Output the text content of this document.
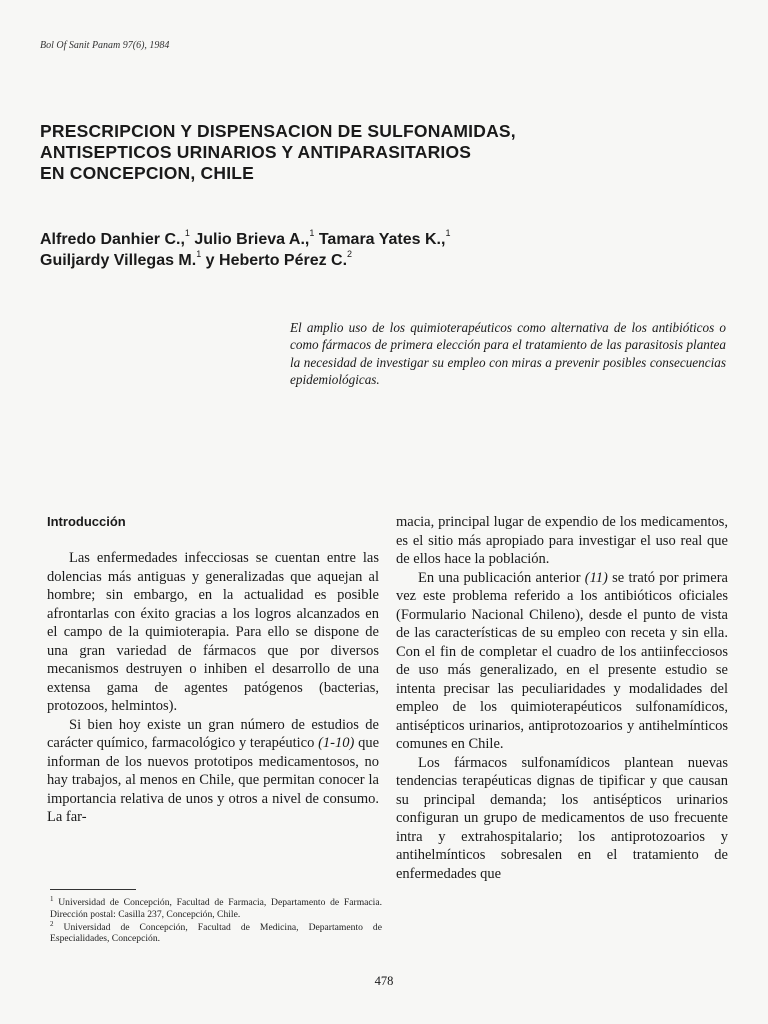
Bol Of Sanit Panam 97(6), 1984
PRESCRIPCION Y DISPENSACION DE SULFONAMIDAS,
ANTISEPTICOS URINARIOS Y ANTIPARASITARIOS
EN CONCEPCION, CHILE
Alfredo Danhier C.,$^1$ Julio Brieva A.,$^1$ Tamara Yates K.,$^1$
Guiljardy Villegas M.$^1$ y Heberto Pérez C.$^2$
El amplio uso de los quimioterapéuticos como alternativa de los antibióticos o como fármacos de primera elección para el tratamiento de las parasitosis plantea la necesidad de investigar su empleo con miras a prevenir posibles consecuencias epidemiológicas.
Introducción

Las enfermedades infecciosas se cuentan entre las dolencias más antiguas y generalizadas que aquejan al hombre; sin embargo, en la actualidad es posible afrontarlas con éxito gracias a los logros alcanzados en el campo de la quimioterapia. Para ello se dispone de una gran variedad de fármacos que por diversos mecanismos destruyen o inhiben el desarrollo de una extensa gama de agentes patógenos (bacterias, protozoos, helmintos).

Si bien hoy existe un gran número de estudios de carácter químico, farmacológico y terapéutico (1-10) que informan de los nuevos prototipos medicamentosos, no hay trabajos, al menos en Chile, que permitan conocer la importancia relativa de unos y otros a nivel de consumo. La far-

macia, principal lugar de expendio de los medicamentos, es el sitio más apropiado para investigar el uso real que de ellos hace la población.

En una publicación anterior (11) se trató por primera vez este problema referido a los antibióticos oficiales (Formulario Nacional Chileno), desde el punto de vista de las características de su empleo con receta y sin ella. Con el fin de completar el cuadro de los antiinfecciosos de uso más generalizado, en el presente estudio se intenta precisar las peculiaridades y modalidades del empleo de los quimioterapéuticos sulfonamídicos, antisépticos urinarios, antiprotozoarios y antihelmínticos comunes en Chile.

Los fármacos sulfonamídicos plantean nuevas tendencias terapéuticas dignas de tipificar y que causan su principal demanda; los antisépticos urinarios configuran un grupo de medicamentos de uso frecuente intra y extrahospitalario; los antiprotozoarios y antihelmínticos sobresalen en el tratamiento de enfermedades que

$^1$ Universidad de Concepción, Facultad de Farmacia, Departamento de Farmacia. Dirección postal: Casilla 237, Concepción, Chile.

$^2$ Universidad de Concepción, Facultad de Medicina, Departamento de Especialidades, Concepción.

478
